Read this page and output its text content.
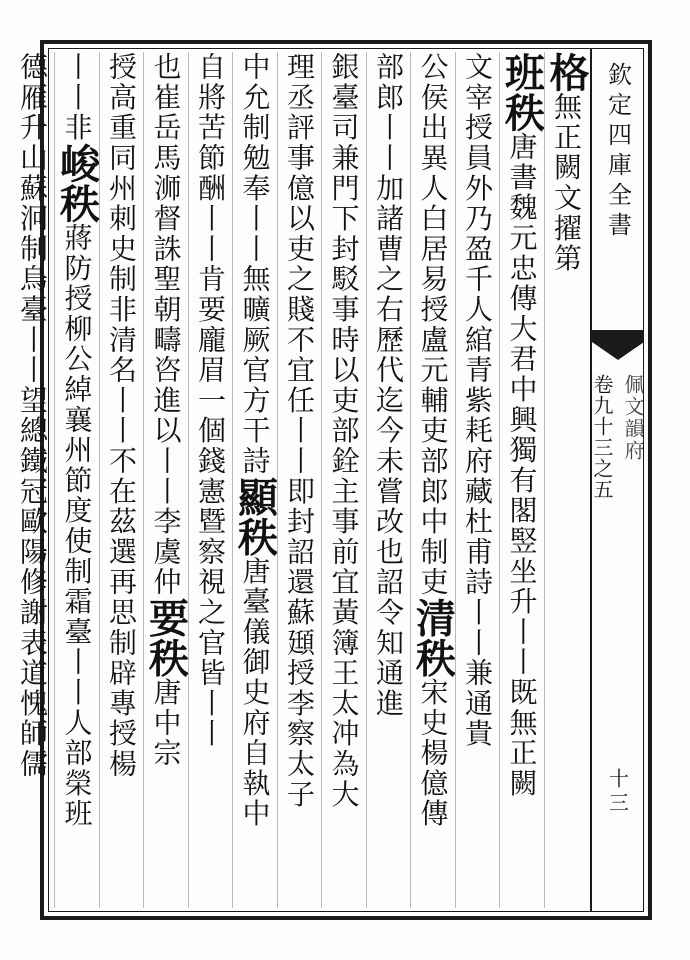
欽定四庫全書
佩文韻府
卷九十三之五
十三
格無正闕文擢第
班秩唐書魏元忠傳大君中興獨有閣竪坐升丨丨既無正闕
文宰授員外乃盈千人綰青紫耗府藏杜甫詩丨丨兼通貴
公侯出異人白居易授盧元輔吏部郎中制吏清秩宋史楊億傳
部郎丨丨加諸曹之右歷代迄今未嘗改也詔令知通進
銀臺司兼門下封駁事時以吏部銓主事前宜黃簿王太冲為大
理丞評事億以吏之賤不宜任丨丨即封詔還蘇頲授李察太子
中允制勉奉丨丨無曠厥官方干詩顯秩唐臺儀御史府自執中
自將苦節酬丨丨肯要龐眉一個錢憲暨察視之官皆丨丨
也崔岳馬浉督誅聖朝疇咨進以丨丨李虞仲要秩唐中宗
授高重同州刺史制非清名丨丨不在茲選再思制辟專授楊
丨丨非峻秩蔣防授柳公綽襄州節度使制霜臺丨丨人部榮班
德雁升山蘇泂制烏臺丨丨望總鐵冠歐陽修謝表道愧師儒
